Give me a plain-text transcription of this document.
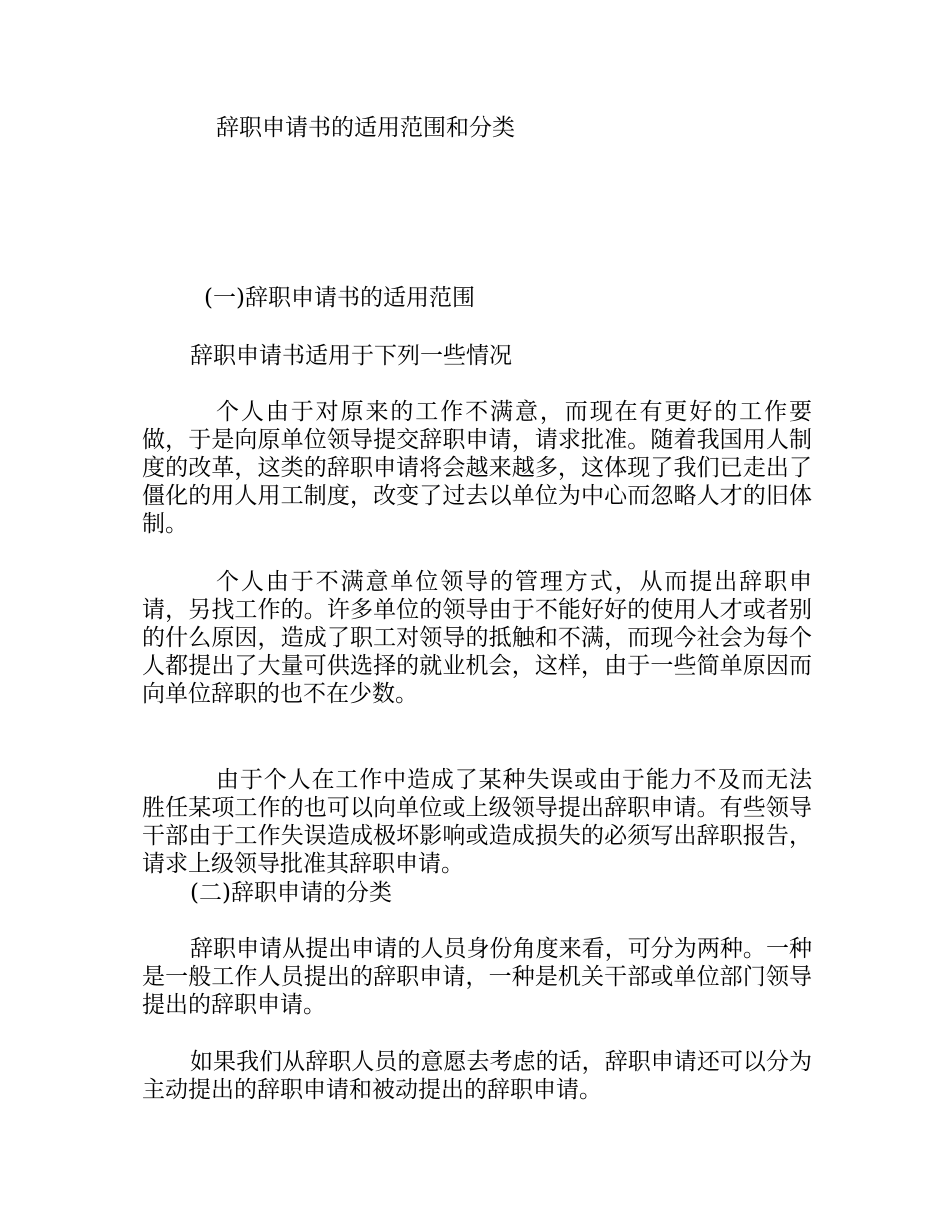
辞职申请书的适用范围和分类
(一)辞职申请书的适用范围
辞职申请书适用于下列一些情况

个人由于对原来的工作不满意，而现在有更好的工作要做，于是向原单位领导提交辞职申请，请求批准。随着我国用人制度的改革，这类的辞职申请将会越来越多，这体现了我们已走出了僵化的用人用工制度，改变了过去以单位为中心而忽略人才的旧体制。

个人由于不满意单位领导的管理方式，从而提出辞职申请，另找工作的。许多单位的领导由于不能好好的使用人才或者别的什么原因，造成了职工对领导的抵触和不满，而现今社会为每个人都提出了大量可供选择的就业机会，这样，由于一些简单原因而向单位辞职的也不在少数。

由于个人在工作中造成了某种失误或由于能力不及而无法胜任某项工作的也可以向单位或上级领导提出辞职申请。有些领导干部由于工作失误造成极坏影响或造成损失的必须写出辞职报告，请求上级领导批准其辞职申请。

(二)辞职申请的分类

辞职申请从提出申请的人员身份角度来看，可分为两种。一种是一般工作人员提出的辞职申请，一种是机关干部或单位部门领导提出的辞职申请。

如果我们从辞职人员的意愿去考虑的话，辞职申请还可以分为主动提出的辞职申请和被动提出的辞职申请。
